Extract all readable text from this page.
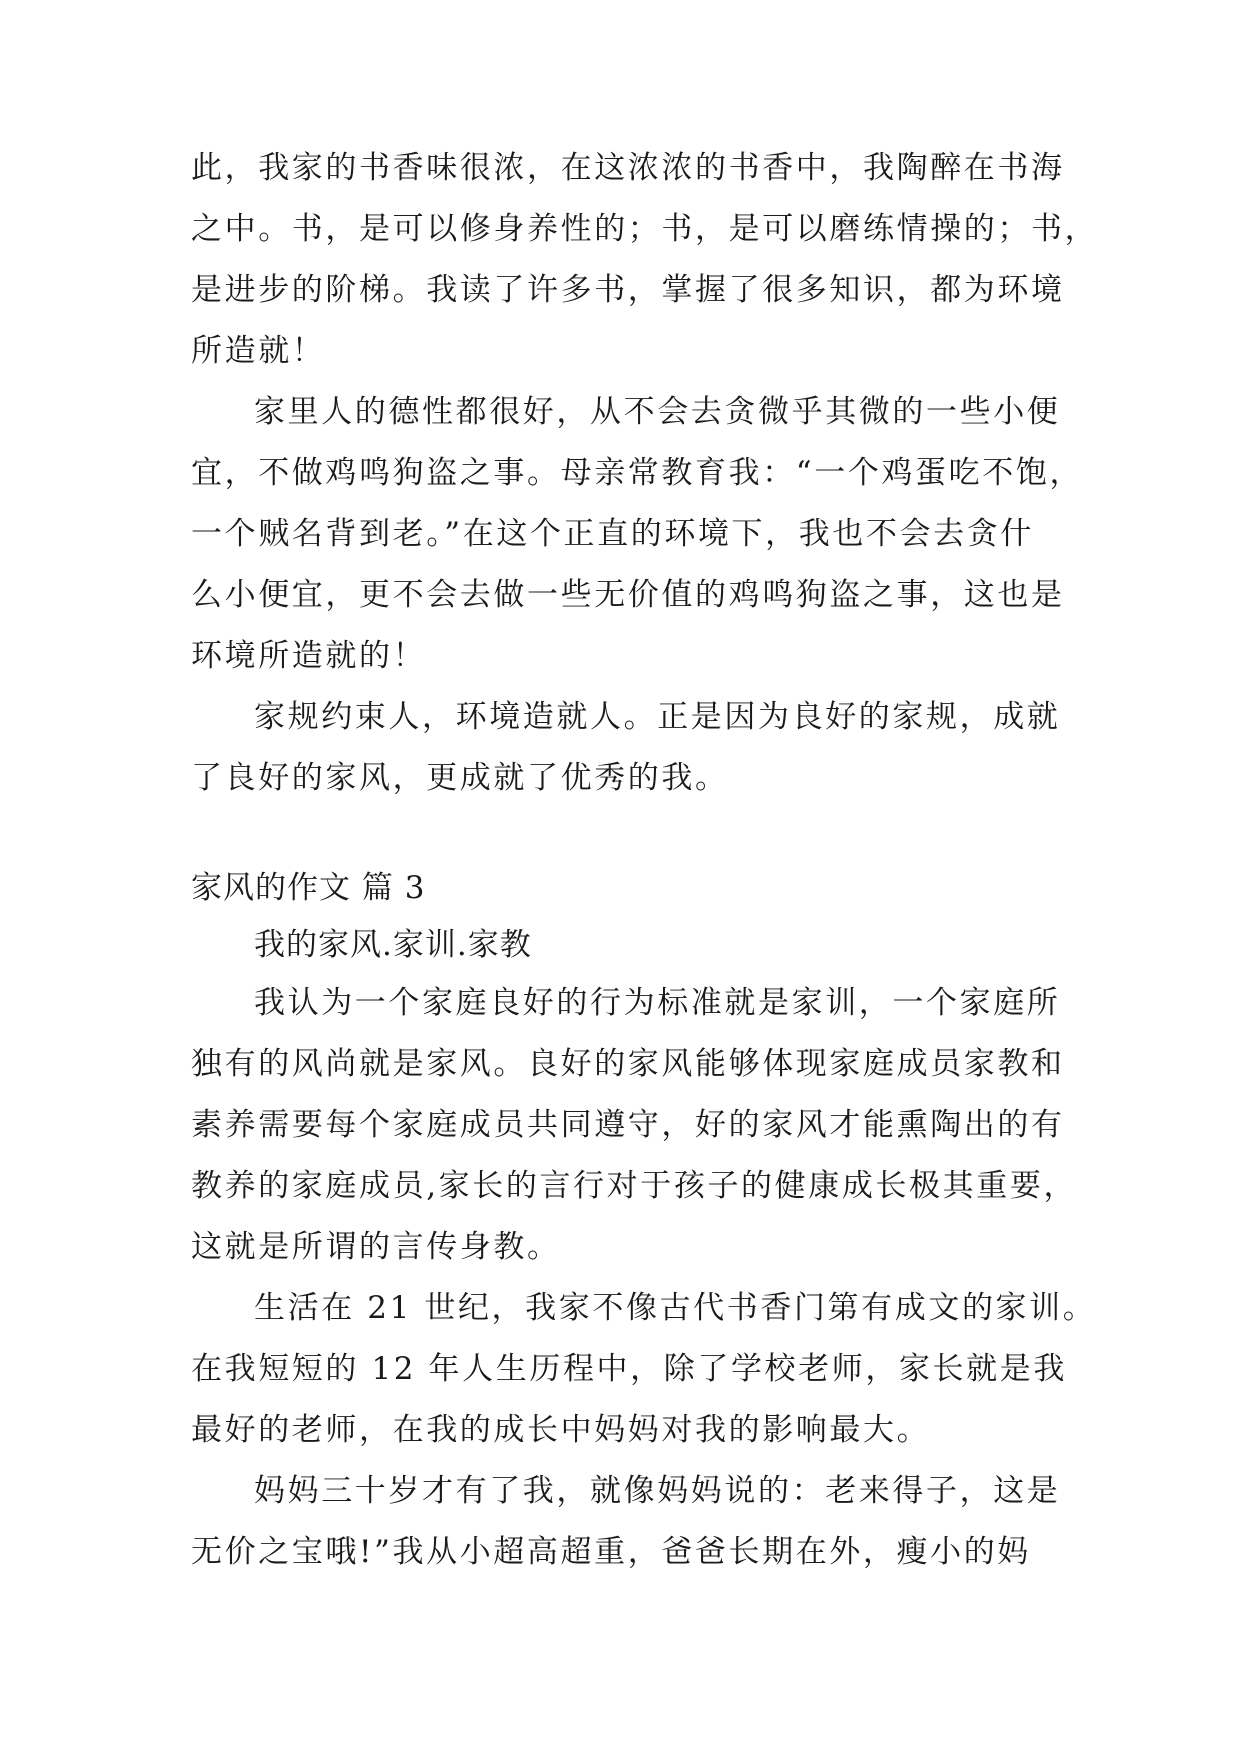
此，我家的书香味很浓，在这浓浓的书香中，我陶醉在书海
之中。书，是可以修身养性的；书，是可以磨练情操的；书，
是进步的阶梯。我读了许多书，掌握了很多知识，都为环境
所造就！
家里人的德性都很好，从不会去贪微乎其微的一些小便
宜，不做鸡鸣狗盗之事。母亲常教育我：“一个鸡蛋吃不饱，
一个贼名背到老。”在这个正直的环境下，我也不会去贪什
么小便宜，更不会去做一些无价值的鸡鸣狗盗之事，这也是
环境所造就的！
家规约束人，环境造就人。正是因为良好的家规，成就
了良好的家风，更成就了优秀的我。
家风的作文 篇 3
我的家风.家训.家教
我认为一个家庭良好的行为标准就是家训，一个家庭所
独有的风尚就是家风。良好的家风能够体现家庭成员家教和
素养需要每个家庭成员共同遵守，好的家风才能熏陶出的有
教养的家庭成员,家长的言行对于孩子的健康成长极其重要，
这就是所谓的言传身教。
生活在 21 世纪，我家不像古代书香门第有成文的家训。
在我短短的 12 年人生历程中，除了学校老师，家长就是我
最好的老师，在我的成长中妈妈对我的影响最大。
妈妈三十岁才有了我，就像妈妈说的：老来得子，这是
无价之宝哦!”我从小超高超重，爸爸长期在外，瘦小的妈
